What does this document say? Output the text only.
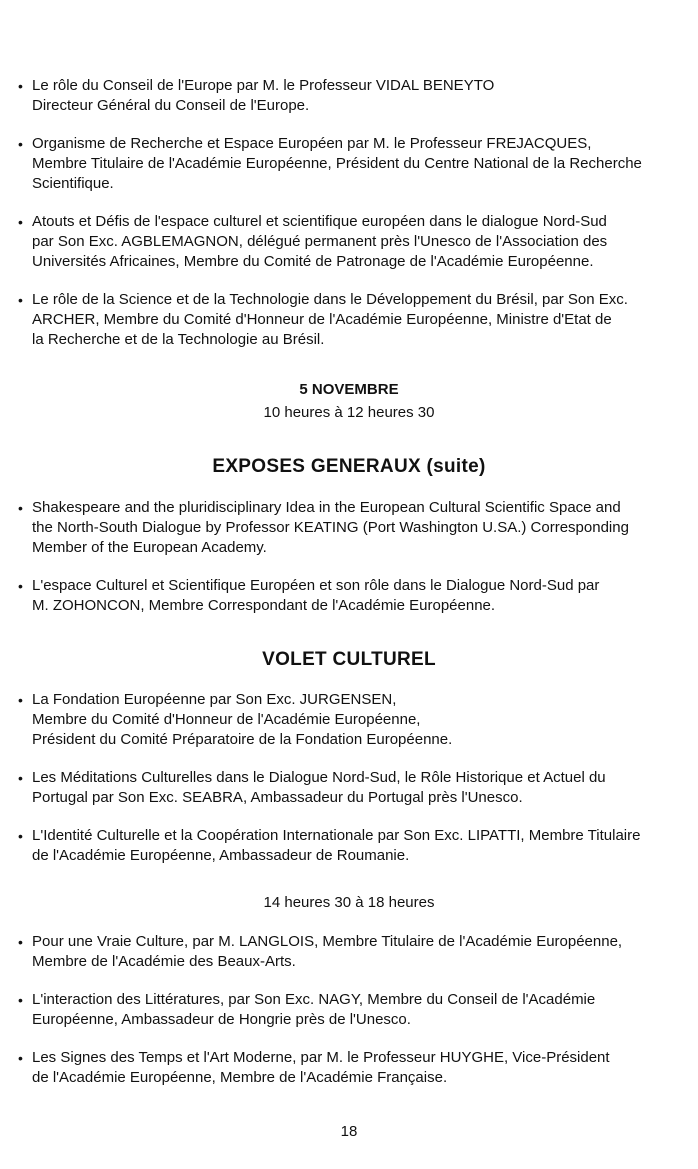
• Le rôle du Conseil de l'Europe par M. le Professeur VIDAL BENEYTO
Directeur Général du Conseil de l'Europe.
• Organisme de Recherche et Espace Européen par M. le Professeur FREJACQUES,
Membre Titulaire de l'Académie Européenne, Président du Centre National de la Recherche
Scientifique.
• Atouts et Défis de l'espace culturel et scientifique européen dans le dialogue Nord-Sud
par Son Exc. AGBLEMAGNON, délégué permanent près l'Unesco de l'Association des
Universités Africaines, Membre du Comité de Patronage de l'Académie Européenne.
• Le rôle de la Science et de la Technologie dans le Développement du Brésil, par Son Exc.
ARCHER, Membre du Comité d'Honneur de l'Académie Européenne, Ministre d'Etat de
la Recherche et de la Technologie au Brésil.
5 NOVEMBRE
10 heures à 12 heures 30
EXPOSES GENERAUX (suite)
• Shakespeare and the pluridisciplinary Idea in the European Cultural Scientific Space and
the North-South Dialogue by Professor KEATING (Port Washington U.SA.) Corresponding
Member of the European Academy.
• L'espace Culturel et Scientifique Européen et son rôle dans le Dialogue Nord-Sud par
M. ZOHONCON, Membre Correspondant de l'Académie Européenne.
VOLET CULTUREL
• La Fondation Européenne par Son Exc. JURGENSEN,
Membre du Comité d'Honneur de l'Académie Européenne,
Président du Comité Préparatoire de la Fondation Européenne.
• Les Méditations Culturelles dans le Dialogue Nord-Sud, le Rôle Historique et Actuel du
Portugal par Son Exc. SEABRA, Ambassadeur du Portugal près l'Unesco.
• L'Identité Culturelle et la Coopération Internationale par Son Exc. LIPATTI, Membre Titulaire
de l'Académie Européenne, Ambassadeur de Roumanie.
14 heures 30 à 18 heures
• Pour une Vraie Culture, par M. LANGLOIS, Membre Titulaire de l'Académie Européenne,
Membre de l'Académie des Beaux-Arts.
• L'interaction des Littératures, par Son Exc. NAGY, Membre du Conseil de l'Académie
Européenne, Ambassadeur de Hongrie près de l'Unesco.
• Les Signes des Temps et l'Art Moderne, par M. le Professeur HUYGHE, Vice-Président
de l'Académie Européenne, Membre de l'Académie Française.
18
